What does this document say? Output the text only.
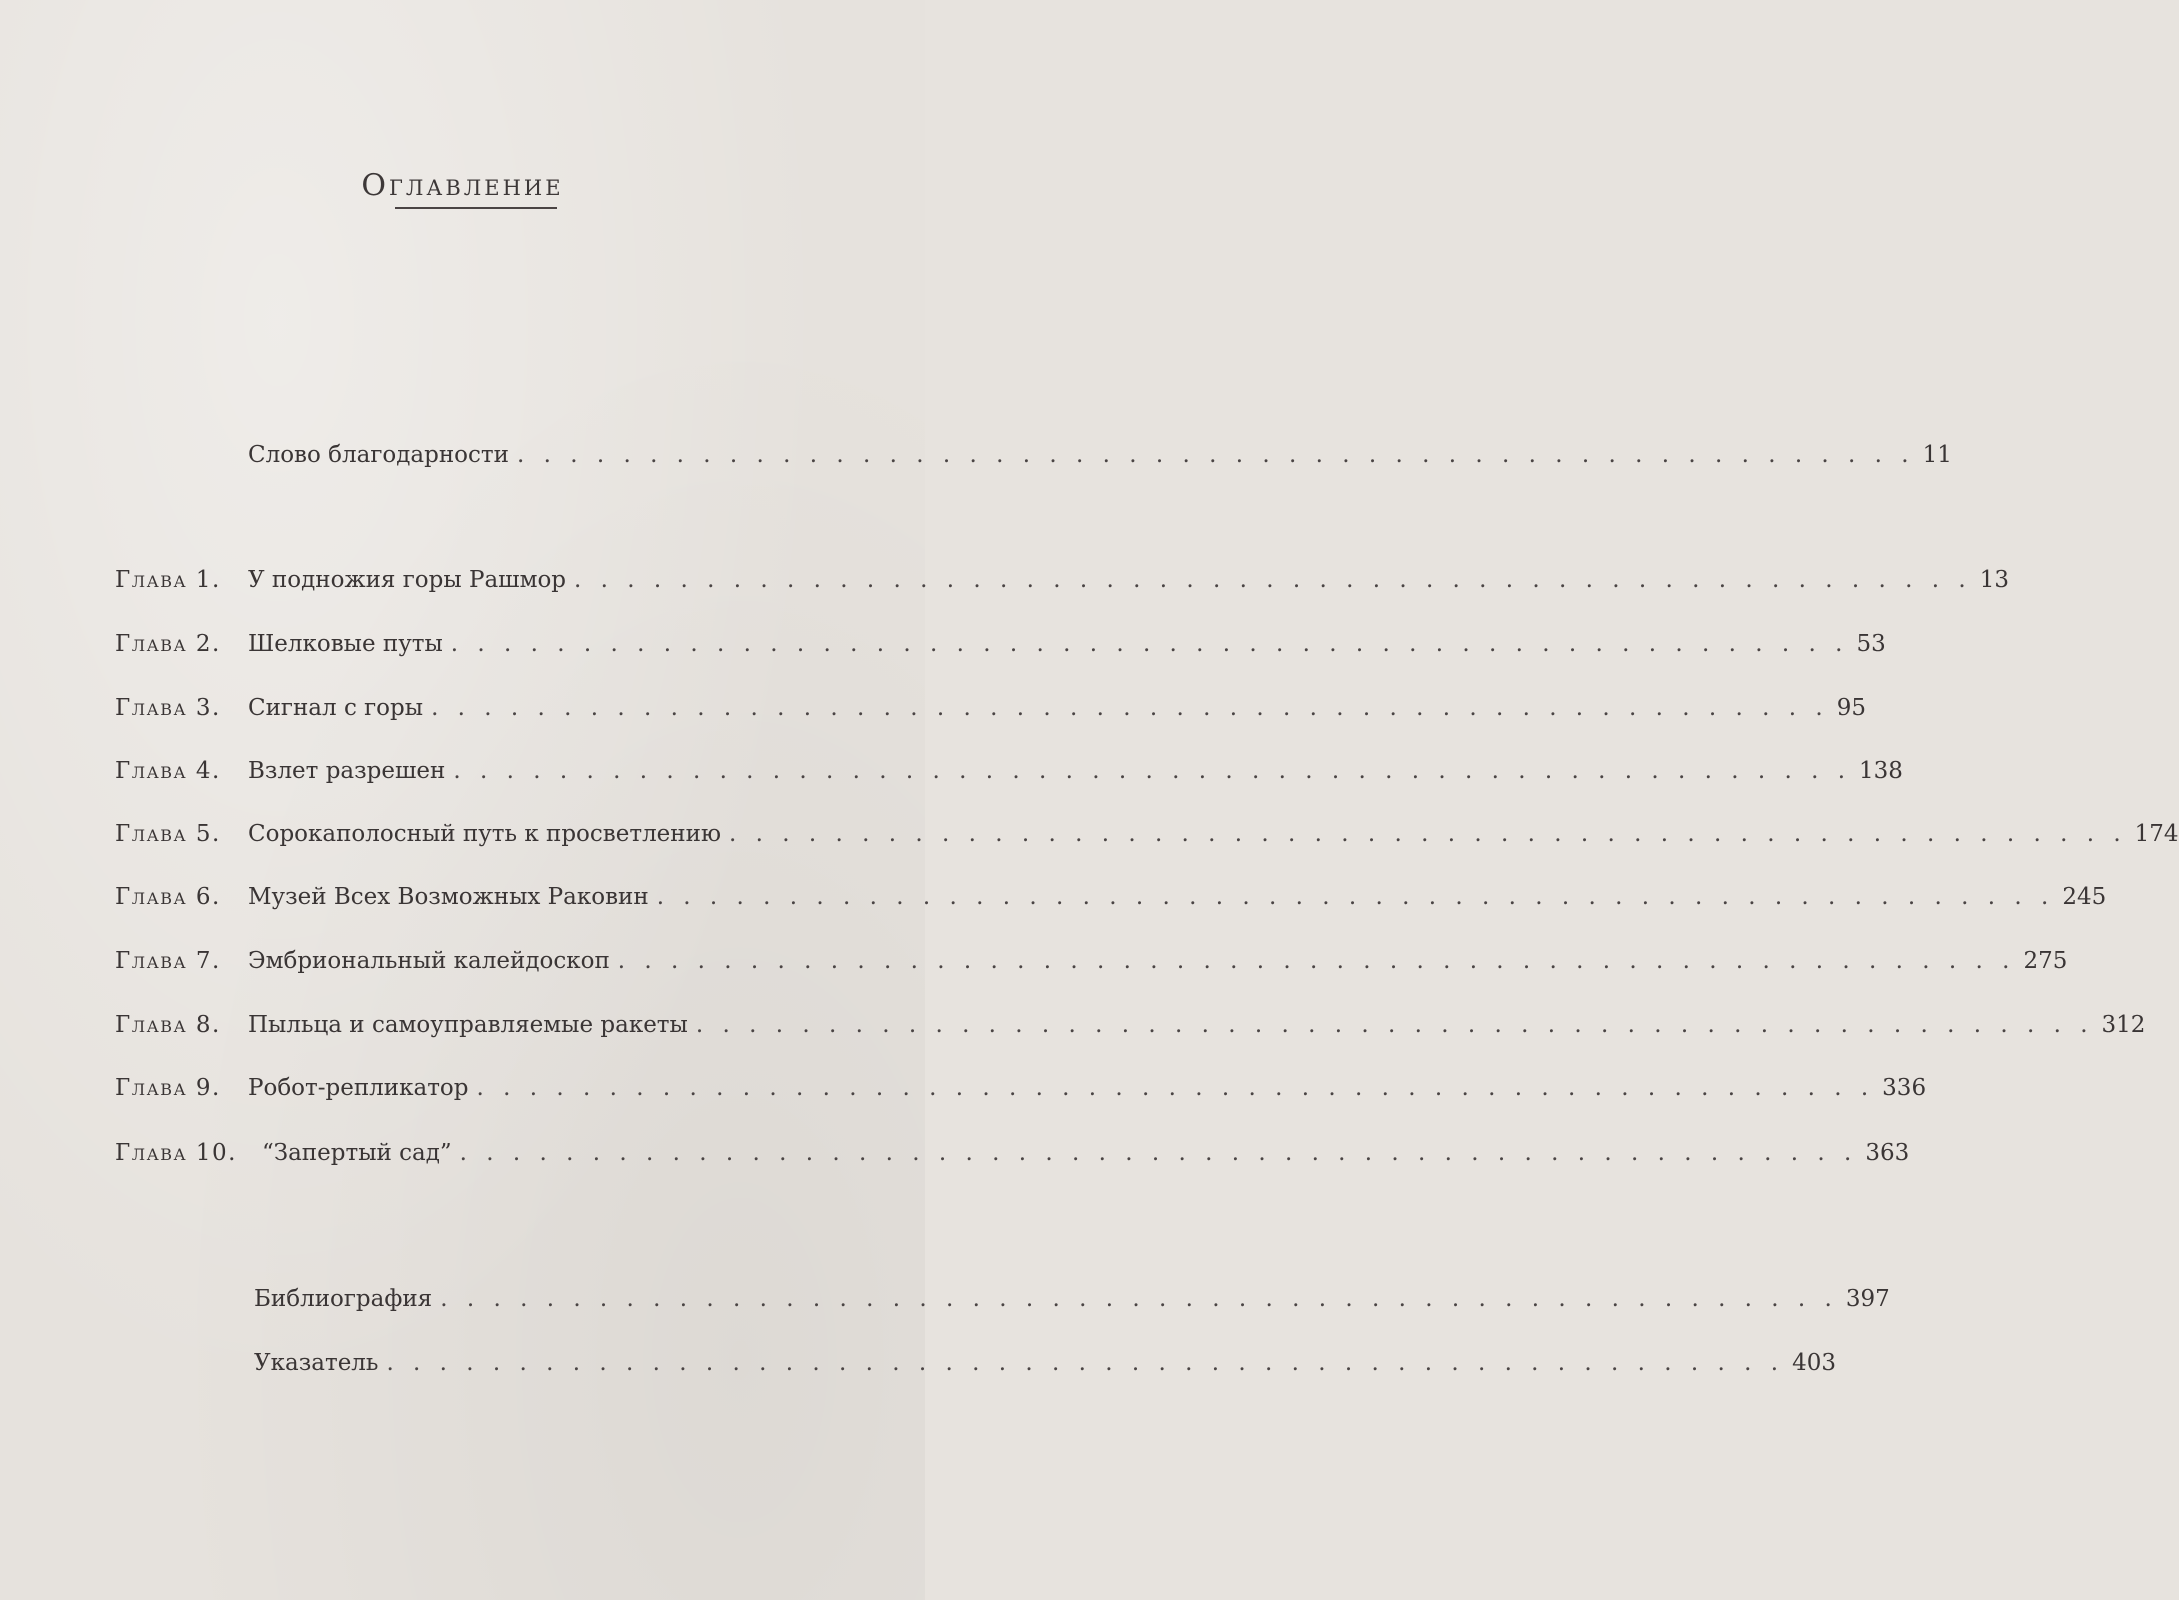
Оглавление
Слово благодарности . . . . . . . . . . . . . . . . . . . . . . . . . . . . . . . . . . . . . . . . . . . . . . . . . . . . . 11
Глава 1.	У подножия горы Рашмор . . . . . . . . . . . . . . . . . . . . . . . . . . . . . . . . . . . . . . . . . . . . . . . . . . . . . 13
Глава 2.	Шелковые путы . . . . . . . . . . . . . . . . . . . . . . . . . . . . . . . . . . . . . . . . . . . . . . . . . . . . . 53
Глава 3.	Сигнал с горы . . . . . . . . . . . . . . . . . . . . . . . . . . . . . . . . . . . . . . . . . . . . . . . . . . . . . 95
Глава 4.	Взлет разрешен . . . . . . . . . . . . . . . . . . . . . . . . . . . . . . . . . . . . . . . . . . . . . . . . . . . . . 138
Глава 5.	Сорокаполосный путь к просветлению . . . . . . . . . . . . . . . . . . . . . . . . . . . . . . . . . . . . . . . . . . . . . . . . . . . . . 174
Глава 6.	Музей Всех Возможных Раковин . . . . . . . . . . . . . . . . . . . . . . . . . . . . . . . . . . . . . . . . . . . . . . . . . . . . . 245
Глава 7.	Эмбриональный калейдоскоп . . . . . . . . . . . . . . . . . . . . . . . . . . . . . . . . . . . . . . . . . . . . . . . . . . . . . 275
Глава 8.	Пыльца и самоуправляемые ракеты . . . . . . . . . . . . . . . . . . . . . . . . . . . . . . . . . . . . . . . . . . . . . . . . . . . . . 312
Глава 9.	Робот-репликатор . . . . . . . . . . . . . . . . . . . . . . . . . . . . . . . . . . . . . . . . . . . . . . . . . . . . . 336
Глава 10.	“Запертый сад” . . . . . . . . . . . . . . . . . . . . . . . . . . . . . . . . . . . . . . . . . . . . . . . . . . . . . 363
Библиография . . . . . . . . . . . . . . . . . . . . . . . . . . . . . . . . . . . . . . . . . . . . . . . . . . . . . 397
Указатель . . . . . . . . . . . . . . . . . . . . . . . . . . . . . . . . . . . . . . . . . . . . . . . . . . . . . 403
